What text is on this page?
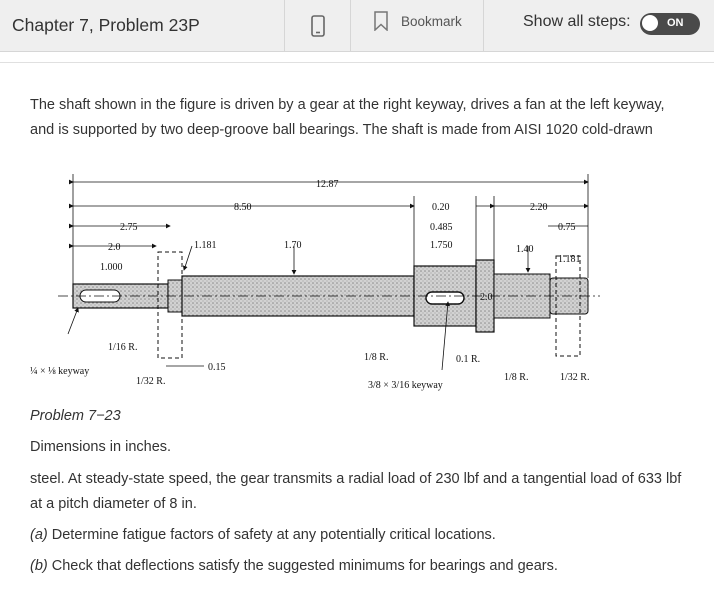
Chapter 7, Problem 23P	Bookmark	Show all steps:	ON
The shaft shown in the figure is driven by a gear at the right keyway, drives a fan at the left keyway, and is supported by two deep-groove ball bearings. The shaft is made from AISI 1020 cold-drawn
12.87
8.50
2.75
2.0
1.000
1.181	1.70
0.20
0.485
1.750
2.20
0.75
1.40
1.181
2.0
0.15
¼ × ⅛ keyway
1/16 R.
1/32 R.
1/8 R.	0.1 R.
1/8 R.	1/32 R.
3/8 × 3/16 keyway
Problem 7−23
Dimensions in inches.
steel. At steady-state speed, the gear transmits a radial load of 230 lbf and a tangential load of 633 lbf at a pitch diameter of 8 in.
(a) Determine fatigue factors of safety at any potentially critical locations.
(b) Check that deflections satisfy the suggested minimums for bearings and gears.
